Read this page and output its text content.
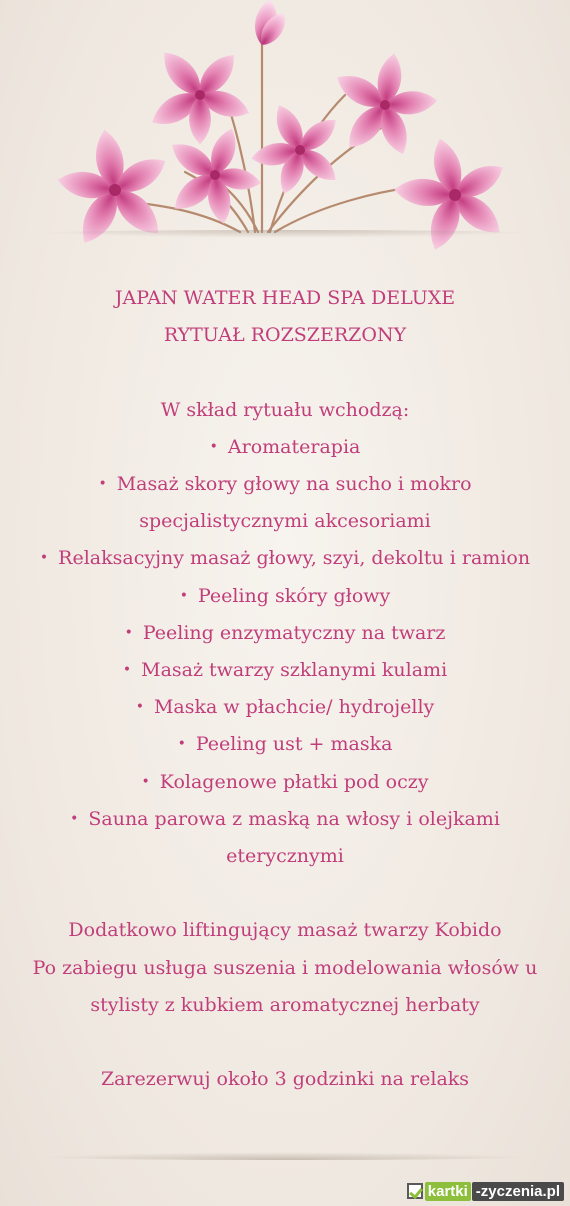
JAPAN WATER HEAD SPA DELUXE
RYTUAŁ ROZSZERZONY
W skład rytuału wchodzą:
• Aromaterapia
• Masaż skory głowy na sucho i mokro
specjalistycznymi akcesoriami
• Relaksacyjny masaż głowy, szyi, dekoltu i ramion
• Peeling skóry głowy
• Peeling enzymatyczny na twarz
• Masaż twarzy szklanymi kulami
• Maska w płachcie/ hydrojelly
• Peeling ust + maska
• Kolagenowe płatki pod oczy
• Sauna parowa z maską na włosy i olejkami
eterycznymi
Dodatkowo liftingujący masaż twarzy Kobido
Po zabiegu usługa suszenia i modelowania włosów u
stylisty z kubkiem aromatycznej herbaty
Zarezerwuj około 3 godzinki na relaks
kartki -zyczenia.pl
